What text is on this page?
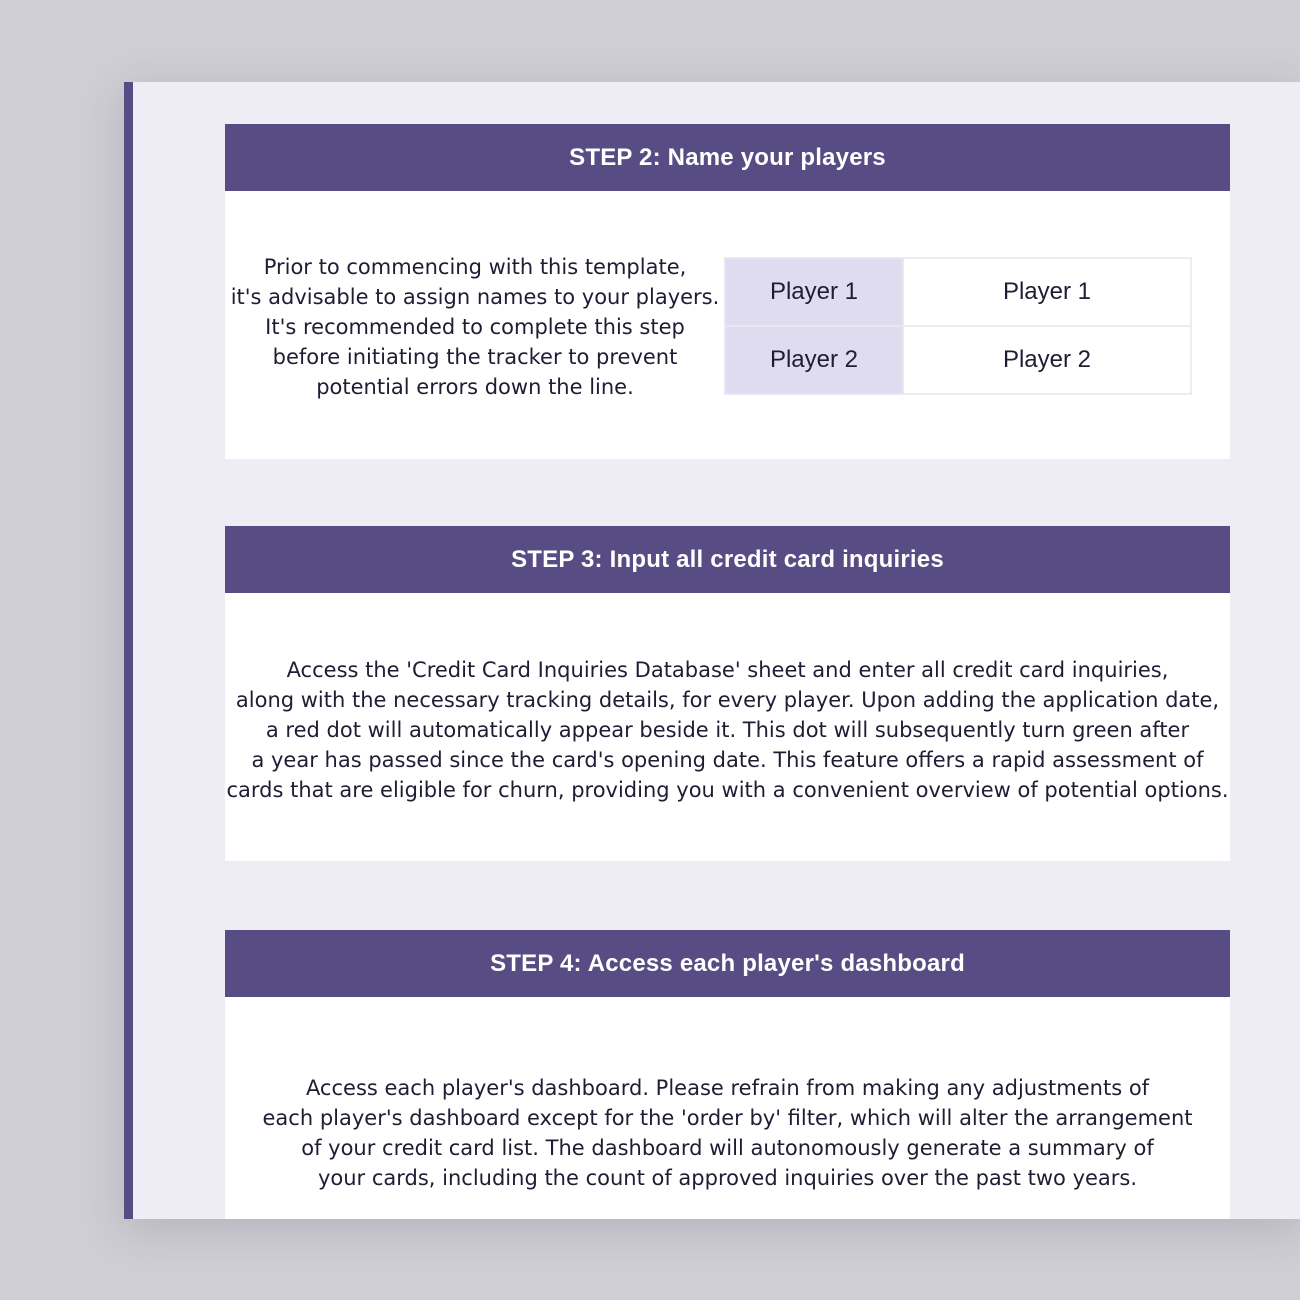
STEP 2: Name your players
Prior to commencing with this template,
it's advisable to assign names to your players.
It's recommended to complete this step
before initiating the tracker to prevent
potential errors down the line.
Player 1	Player 1
Player 2	Player 2
STEP 3: Input all credit card inquiries
Access the 'Credit Card Inquiries Database' sheet and enter all credit card inquiries,
along with the necessary tracking details, for every player. Upon adding the application date,
a red dot will automatically appear beside it. This dot will subsequently turn green after
a year has passed since the card's opening date. This feature offers a rapid assessment of
cards that are eligible for churn, providing you with a convenient overview of potential options.
STEP 4: Access each player's dashboard
Access each player's dashboard. Please refrain from making any adjustments of
each player's dashboard except for the 'order by' filter, which will alter the arrangement
of your credit card list. The dashboard will autonomously generate a summary of
your cards, including the count of approved inquiries over the past two years.
